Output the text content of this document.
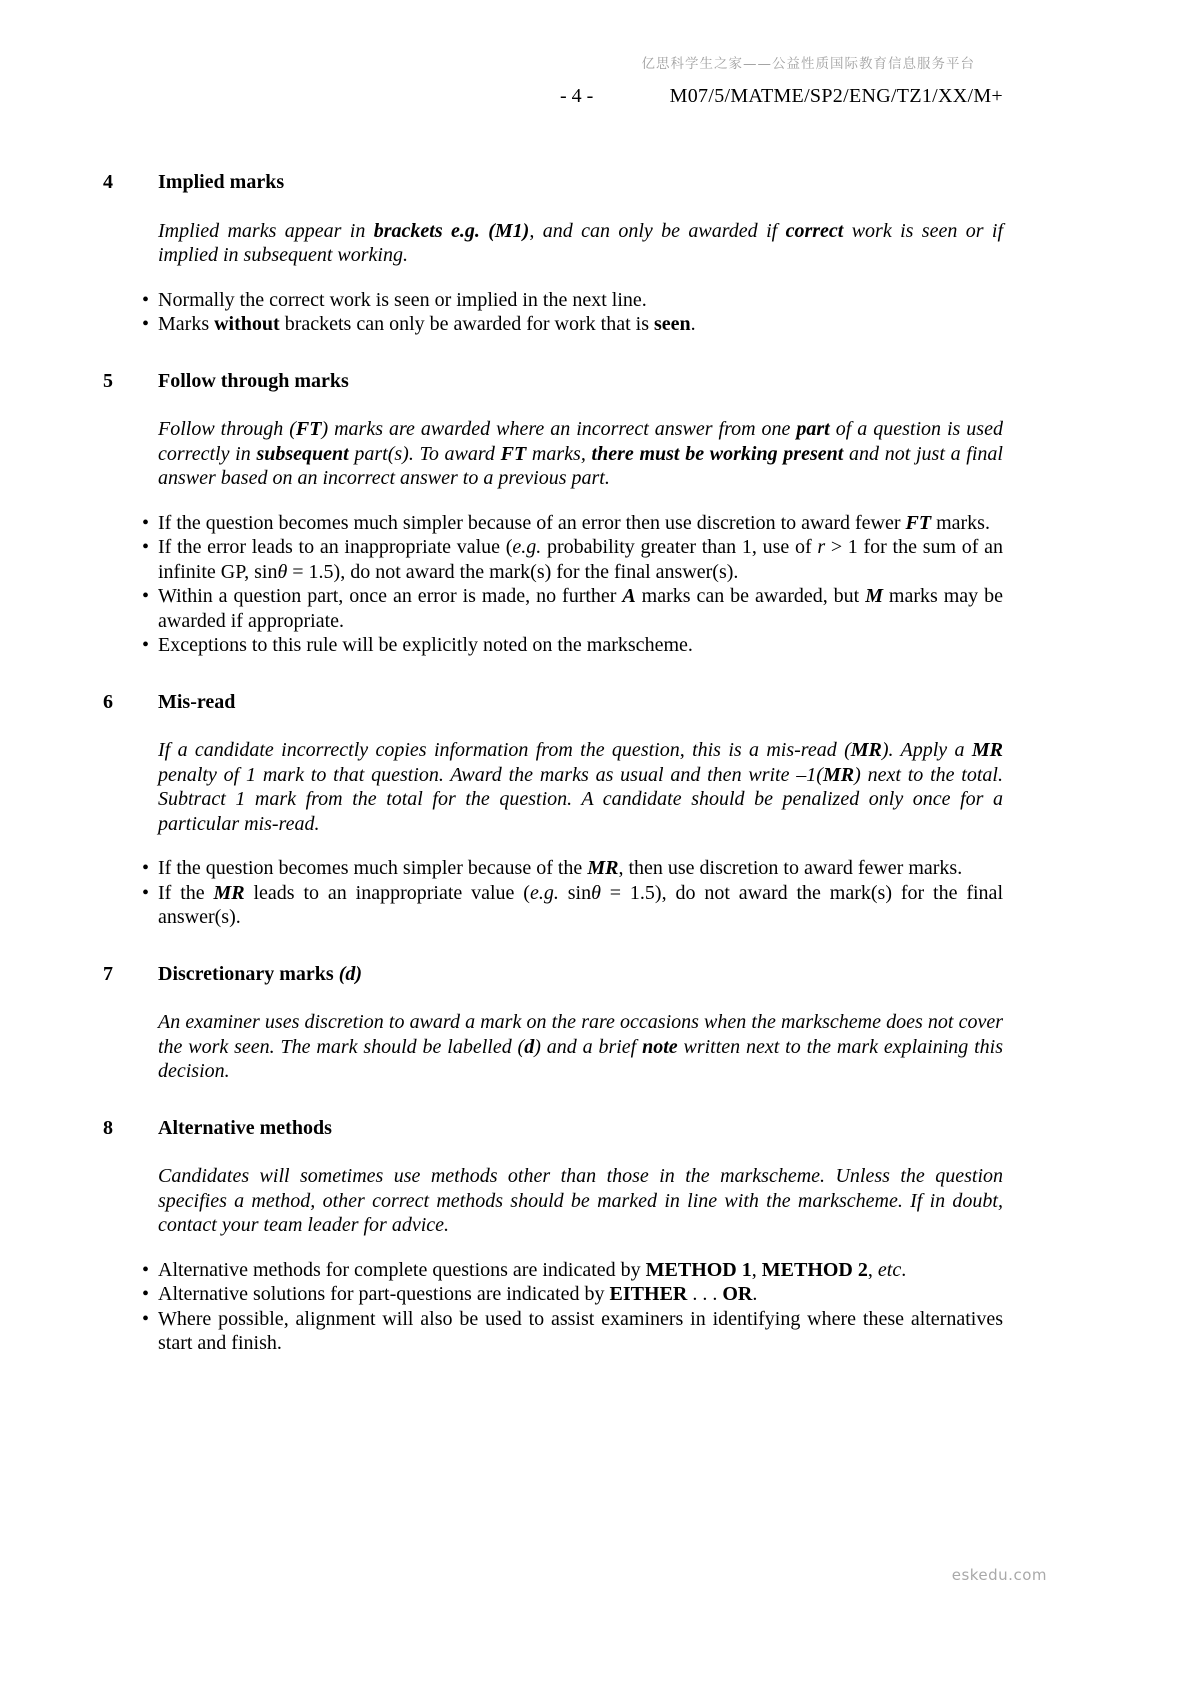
亿思科学生之家——公益性质国际教育信息服务平台
- 4 -	M07/5/MATME/SP2/ENG/TZ1/XX/M+
4	Implied marks

Implied marks appear in brackets e.g. (M1), and can only be awarded if correct work is seen or if implied in subsequent working.

• Normally the correct work is seen or implied in the next line.
• Marks without brackets can only be awarded for work that is seen.
5	Follow through marks

Follow through (FT) marks are awarded where an incorrect answer from one part of a question is used correctly in subsequent part(s). To award FT marks, there must be working present and not just a final answer based on an incorrect answer to a previous part.

• If the question becomes much simpler because of an error then use discretion to award fewer FT marks.
• If the error leads to an inappropriate value (e.g. probability greater than 1, use of r > 1 for the sum of an infinite GP, sinθ = 1.5), do not award the mark(s) for the final answer(s).
• Within a question part, once an error is made, no further A marks can be awarded, but M marks may be awarded if appropriate.
• Exceptions to this rule will be explicitly noted on the markscheme.
6	Mis-read

If a candidate incorrectly copies information from the question, this is a mis-read (MR). Apply a MR penalty of 1 mark to that question. Award the marks as usual and then write –1(MR) next to the total. Subtract 1 mark from the total for the question. A candidate should be penalized only once for a particular mis-read.

• If the question becomes much simpler because of the MR, then use discretion to award fewer marks.
• If the MR leads to an inappropriate value (e.g. sinθ = 1.5), do not award the mark(s) for the final answer(s).
7	Discretionary marks (d)

An examiner uses discretion to award a mark on the rare occasions when the markscheme does not cover the work seen. The mark should be labelled (d) and a brief note written next to the mark explaining this decision.

8	Alternative methods

Candidates will sometimes use methods other than those in the markscheme. Unless the question specifies a method, other correct methods should be marked in line with the markscheme. If in doubt, contact your team leader for advice.

• Alternative methods for complete questions are indicated by METHOD 1, METHOD 2, etc.
• Alternative solutions for part-questions are indicated by EITHER . . . OR.
• Where possible, alignment will also be used to assist examiners in identifying where these alternatives start and finish.
eskedu.com
